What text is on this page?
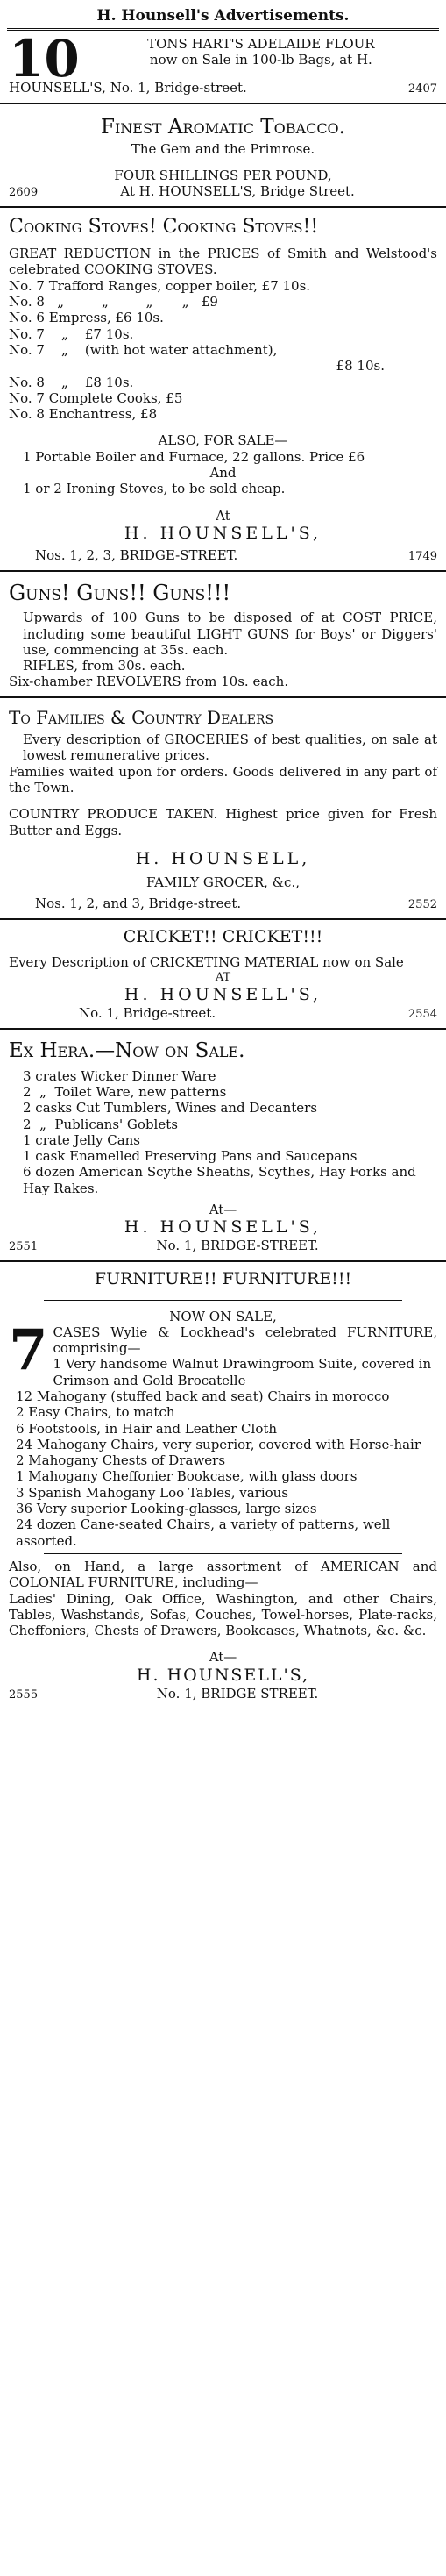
H. Hounsell's Advertisements.
10	TONS HART'S ADELAIDE FLOUR
now on Sale in 100-lb Bags, at H.
HOUNSELL'S, No. 1, Bridge-street.	2407
Finest Aromatic Tobacco.
The Gem and the Primrose.
FOUR SHILLINGS PER POUND,
2609	At H. HOUNSELL'S, Bridge Street.
Cooking Stoves! Cooking Stoves!!
GREAT REDUCTION in the PRICES of Smith and Welstood's celebrated COOKING STOVES.
No. 7 Trafford Ranges, copper boiler, £7 10s.
No. 8   „         „         „       „   £9
No. 6 Empress, £6 10s.
No. 7    „    £7 10s.
No. 7    „    (with hot water attachment),
£8 10s.
No. 8    „    £8 10s.
No. 7 Complete Cooks, £5
No. 8 Enchantress, £8
ALSO, FOR SALE—
1 Portable Boiler and Furnace, 22 gallons. Price £6
And
1 or 2 Ironing Stoves, to be sold cheap.
At
H. HOUNSELL'S,
Nos. 1, 2, 3, BRIDGE-STREET.	1749
Guns! Guns!! Guns!!!
Upwards of 100 Guns to be disposed of at COST PRICE, including some beautiful LIGHT GUNS for Boys' or Diggers' use, commencing at 35s. each.
RIFLES, from 30s. each.
Six-chamber REVOLVERS from 10s. each.
To Families & Country Dealers
Every description of GROCERIES of best qualities, on sale at lowest remunerative prices.
Families waited upon for orders. Goods delivered in any part of the Town.
COUNTRY PRODUCE TAKEN. Highest price given for Fresh Butter and Eggs.
H. HOUNSELL,
FAMILY GROCER, &c.,
Nos. 1, 2, and 3, Bridge-street.	2552
CRICKET!! CRICKET!!!
Every Description of CRICKETING MATERIAL now on Sale
AT
H. HOUNSELL'S,
No. 1, Bridge-street.	2554
Ex Hera.—Now on Sale.
3 crates Wicker Dinner Ware
2  „  Toilet Ware, new patterns
2 casks Cut Tumblers, Wines and Decanters
2  „  Publicans' Goblets
1 crate Jelly Cans
1 cask Enamelled Preserving Pans and Saucepans
6 dozen American Scythe Sheaths, Scythes, Hay Forks and Hay Rakes.
At—
H. HOUNSELL'S,
2551	No. 1, BRIDGE-STREET.
FURNITURE!! FURNITURE!!!
NOW ON SALE,
7 CASES Wylie & Lockhead's celebrated FURNITURE, comprising—
1 Very handsome Walnut Drawingroom Suite, covered in Crimson and Gold Brocatelle
12 Mahogany (stuffed back and seat) Chairs in morocco
2 Easy Chairs, to match
6 Footstools, in Hair and Leather Cloth
24 Mahogany Chairs, very superior, covered with Horse-hair
2 Mahogany Chests of Drawers
1 Mahogany Cheffonier Bookcase, with glass doors
3 Spanish Mahogany Loo Tables, various
36 Very superior Looking-glasses, large sizes
24 dozen Cane-seated Chairs, a variety of patterns, well assorted.
Also, on Hand, a large assortment of AMERICAN and COLONIAL FURNITURE, including—
Ladies' Dining, Oak Office, Washington, and other Chairs, Tables, Washstands, Sofas, Couches, Towel-horses, Plate-racks, Cheffoniers, Chests of Drawers, Bookcases, Whatnots, &c. &c.
At—
H. HOUNSELL'S,
2555	No. 1, BRIDGE STREET.
